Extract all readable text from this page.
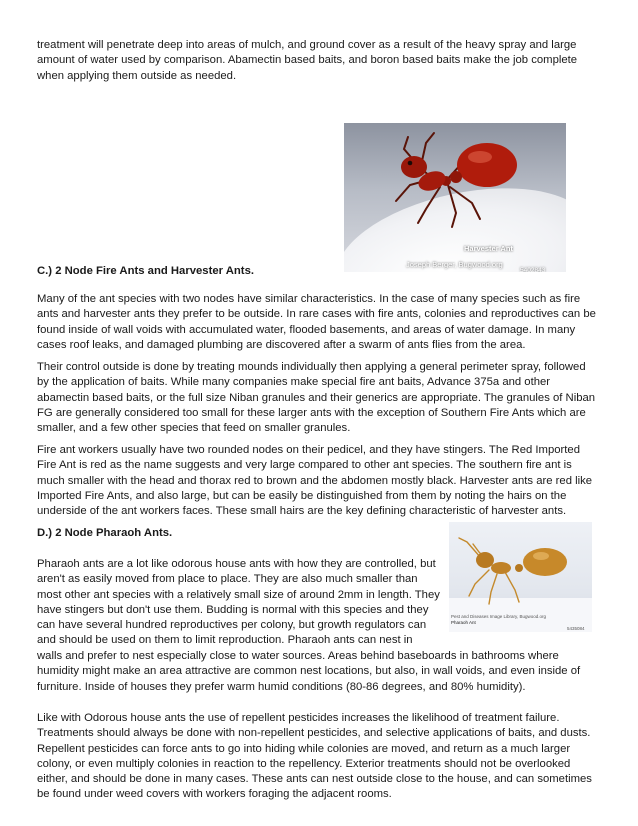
treatment will penetrate deep into areas of mulch, and ground cover as a result of the heavy spray and large amount of water used by comparison. Abamectin based baits, and boron based baits make the job complete when applying them outside as needed.

Harvester Ant
Joseph Berger, Bugwood.org
5402843

C.) 2 Node Fire Ants and Harvester Ants.

Many of the ant species with two nodes have similar characteristics. In the case of many species such as fire ants and harvester ants they prefer to be outside. In rare cases with fire ants, colonies and reproductives can be found inside of wall voids with accumulated water, flooded basements, and areas of water damage. In many cases roof leaks, and damaged plumbing are discovered after a swarm of ants flies from the area.

Their control outside is done by treating mounds individually then applying a general perimeter spray, followed by the application of baits. While many companies make special fire ant baits, Advance 375a and other abamectin based baits, or the full size Niban granules and their generics are appropriate. The granules of Niban FG are generally considered too small for these larger ants with the exception of Southern Fire Ants which are smaller, and a few other species that feed on smaller granules.

Fire ant workers usually have two rounded nodes on their pedicel, and they have stingers. The Red Imported Fire Ant is red as the name suggests and very large compared to other ant species. The southern fire ant is much smaller with the head and thorax red to brown and the abdomen mostly black. Harvester ants are red like Imported Fire Ants, and also large, but can be easily be distinguished from them by noting the hairs on the underside of the ant workers faces. These small hairs are the key defining characteristic of harvester ants.

D.) 2 Node Pharaoh Ants.

Pest and Diseases Image Library, Bugwood.org
Pharaoh Ant
5435084
Pharaoh ants are a lot like odorous house ants with how they are controlled, but
aren't as easily moved from place to place. They are also much smaller than
most other ant species with a relatively small size of around 2mm in length. They
have stingers but don't use them. Budding is normal with this species and they
can have several hundred reproductives per colony, but growth regulators can
and should be used on them to limit reproduction. Pharaoh ants can nest in

walls and prefer to nest especially close to water sources. Areas behind baseboards in bathrooms where humidity might make an area attractive are common nest locations, but also, in wall voids, and even inside of furniture. Inside of houses they prefer warm humid conditions (80-86 degrees, and 80% humidity).

Like with Odorous house ants the use of repellent pesticides increases the likelihood of treatment failure. Treatments should always be done with non-repellent pesticides, and selective applications of baits, and dusts. Repellent pesticides can force ants to go into hiding while colonies are moved, and return as a much larger colony, or even multiply colonies in reaction to the repellency. Exterior treatments should not be overlooked either, and should be done in many cases. These ants can nest outside close to the house, and can sometimes be found under weed covers with workers foraging the adjacent rooms.
